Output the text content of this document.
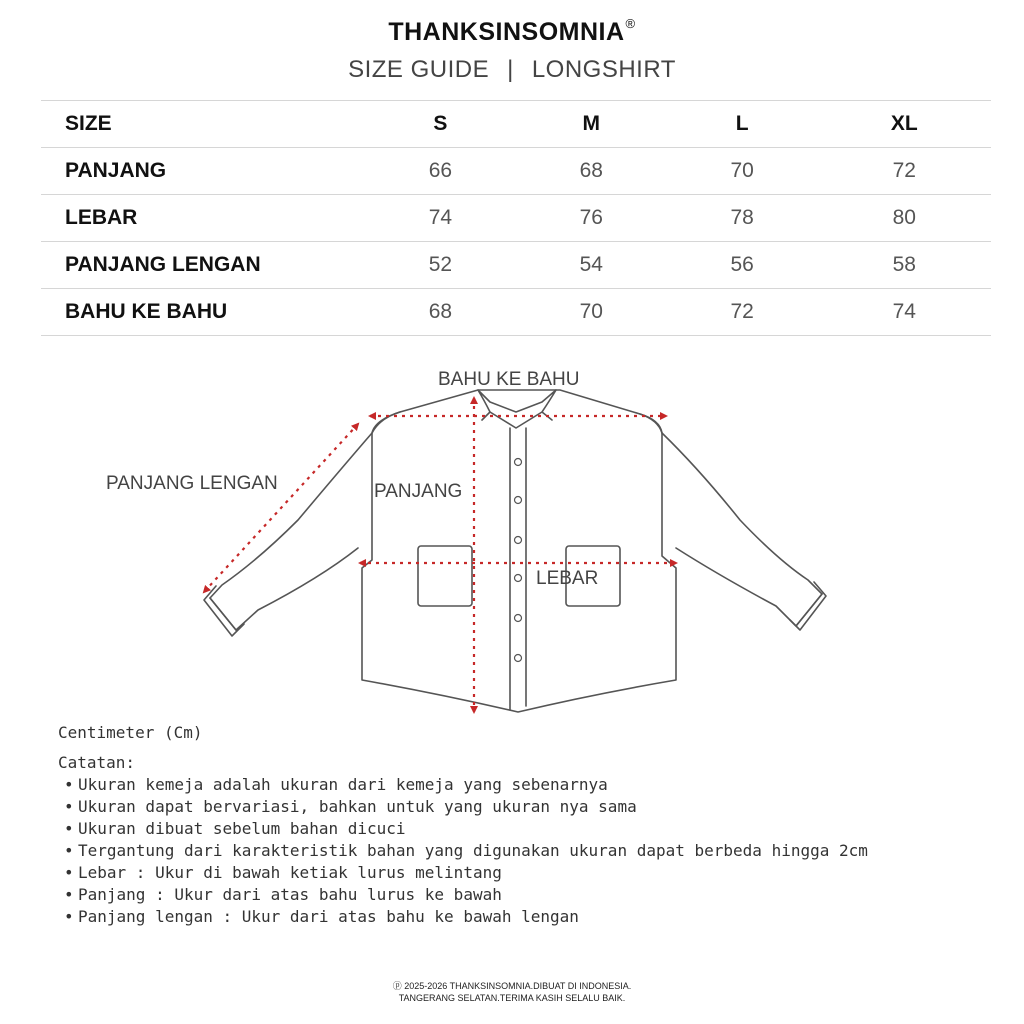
THANKSINSOMNIA®
SIZE GUIDE | LONGSHIRT
SIZE	S	M	L	XL
PANJANG	66	68	70	72
LEBAR	74	76	78	80
PANJANG LENGAN	52	54	56	58
BAHU KE BAHU	68	70	72	74
BAHU KE BAHU
PANJANG LENGAN	PANJANG
LEBAR
Centimeter (Cm)
Catatan:
• Ukuran kemeja adalah ukuran dari kemeja yang sebenarnya
• Ukuran dapat bervariasi, bahkan untuk yang ukuran nya sama
• Ukuran dibuat sebelum bahan dicuci
• Tergantung dari karakteristik bahan yang digunakan ukuran dapat berbeda hingga 2cm
• Lebar : Ukur di bawah ketiak lurus melintang
• Panjang : Ukur dari atas bahu lurus ke bawah
• Panjang lengan : Ukur dari atas bahu ke bawah lengan
ⓟ 2025-2026 THANKSINSOMNIA.DIBUAT DI INDONESIA.
TANGERANG SELATAN.TERIMA KASIH SELALU BAIK.
